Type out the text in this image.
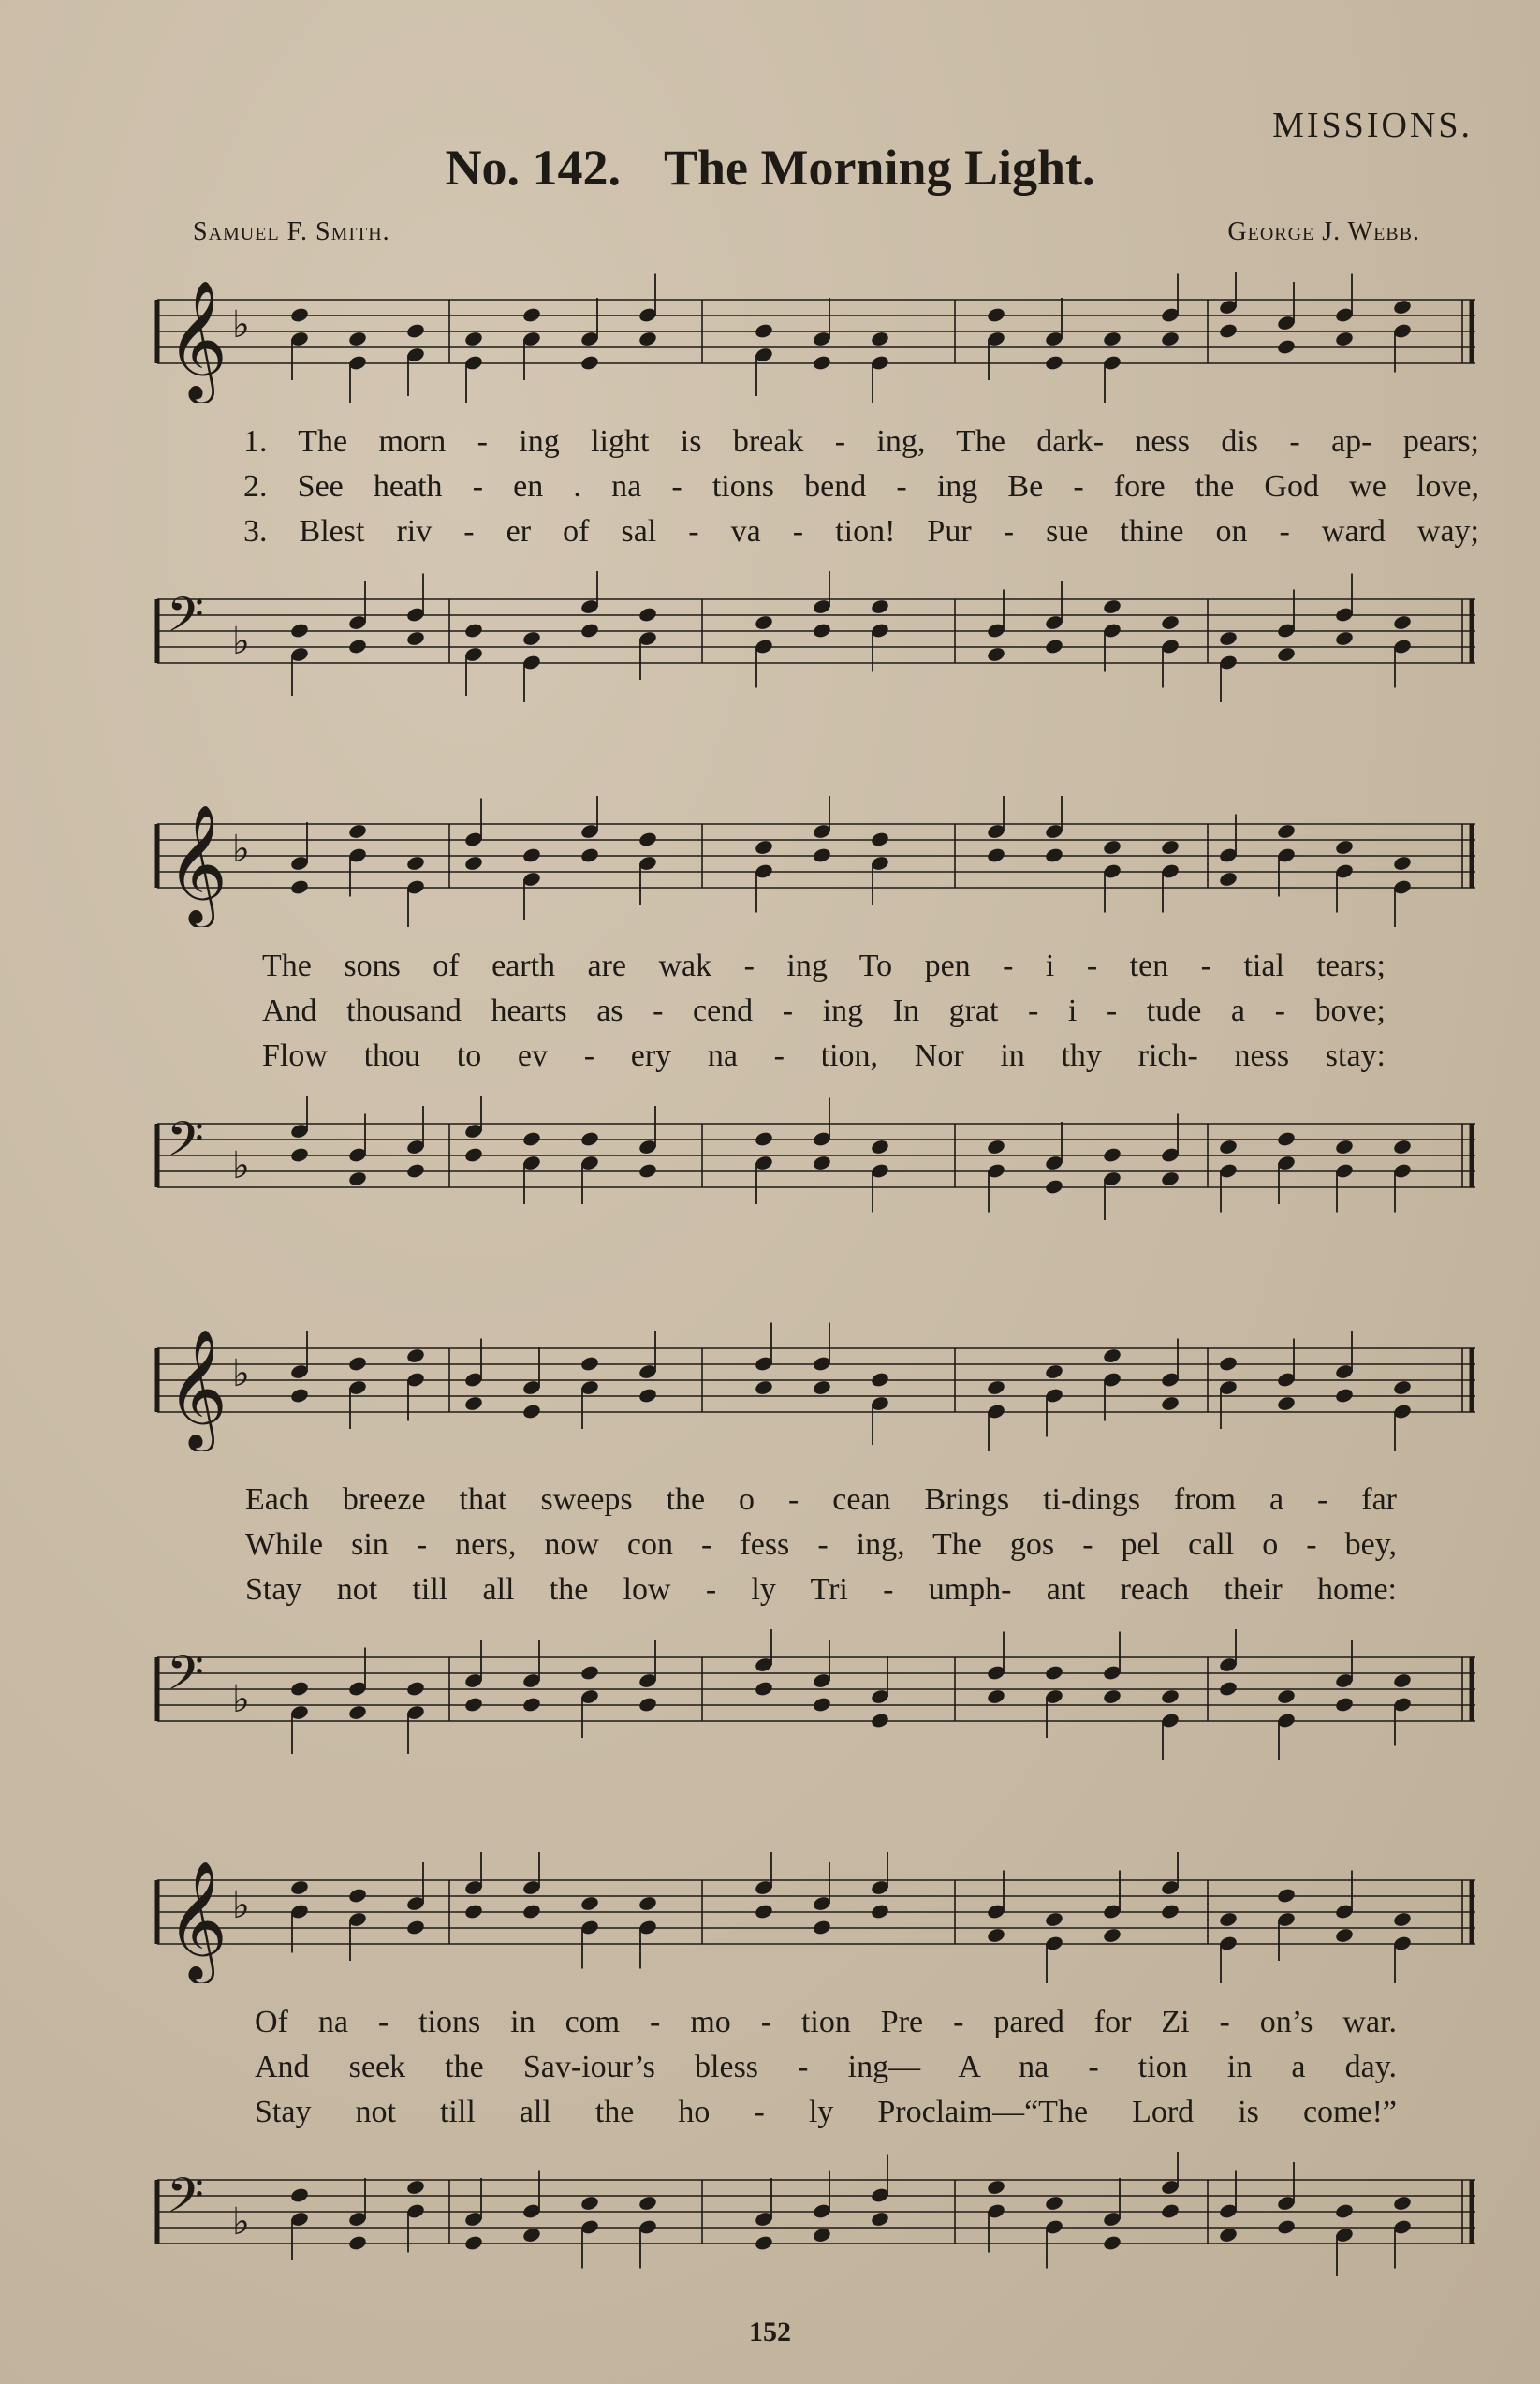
MISSIONS.
No. 142. The Morning Light.
Samuel F. Smith.	George J. Webb.
𝄞 ♭
1. The morn - ing light is break - ing, The dark- ness dis - ap- pears;
2. See heath - en . na - tions bend - ing Be - fore the God we love,
3. Blest riv - er of sal - va - tion! Pur - sue thine on - ward way;
𝄢 ♭
𝄞 ♭
The sons of earth are wak - ing To pen - i - ten - tial tears;
And thousand hearts as - cend - ing In grat - i - tude a - bove;
Flow thou to ev - ery na - tion, Nor in thy rich- ness stay:
𝄢 ♭
𝄞 ♭
Each breeze that sweeps the o - cean Brings ti-dings from a - far
While sin - ners, now con - fess - ing, The gos - pel call o - bey,
Stay not till all the low - ly Tri - umph- ant reach their home:
𝄢 ♭
𝄞 ♭
Of na - tions in com - mo - tion Pre - pared for Zi - on’s war.
And seek the Sav-iour’s bless - ing— A na - tion in a day.
Stay not till all the ho - ly Proclaim—“The Lord is come!”
𝄢 ♭
152
